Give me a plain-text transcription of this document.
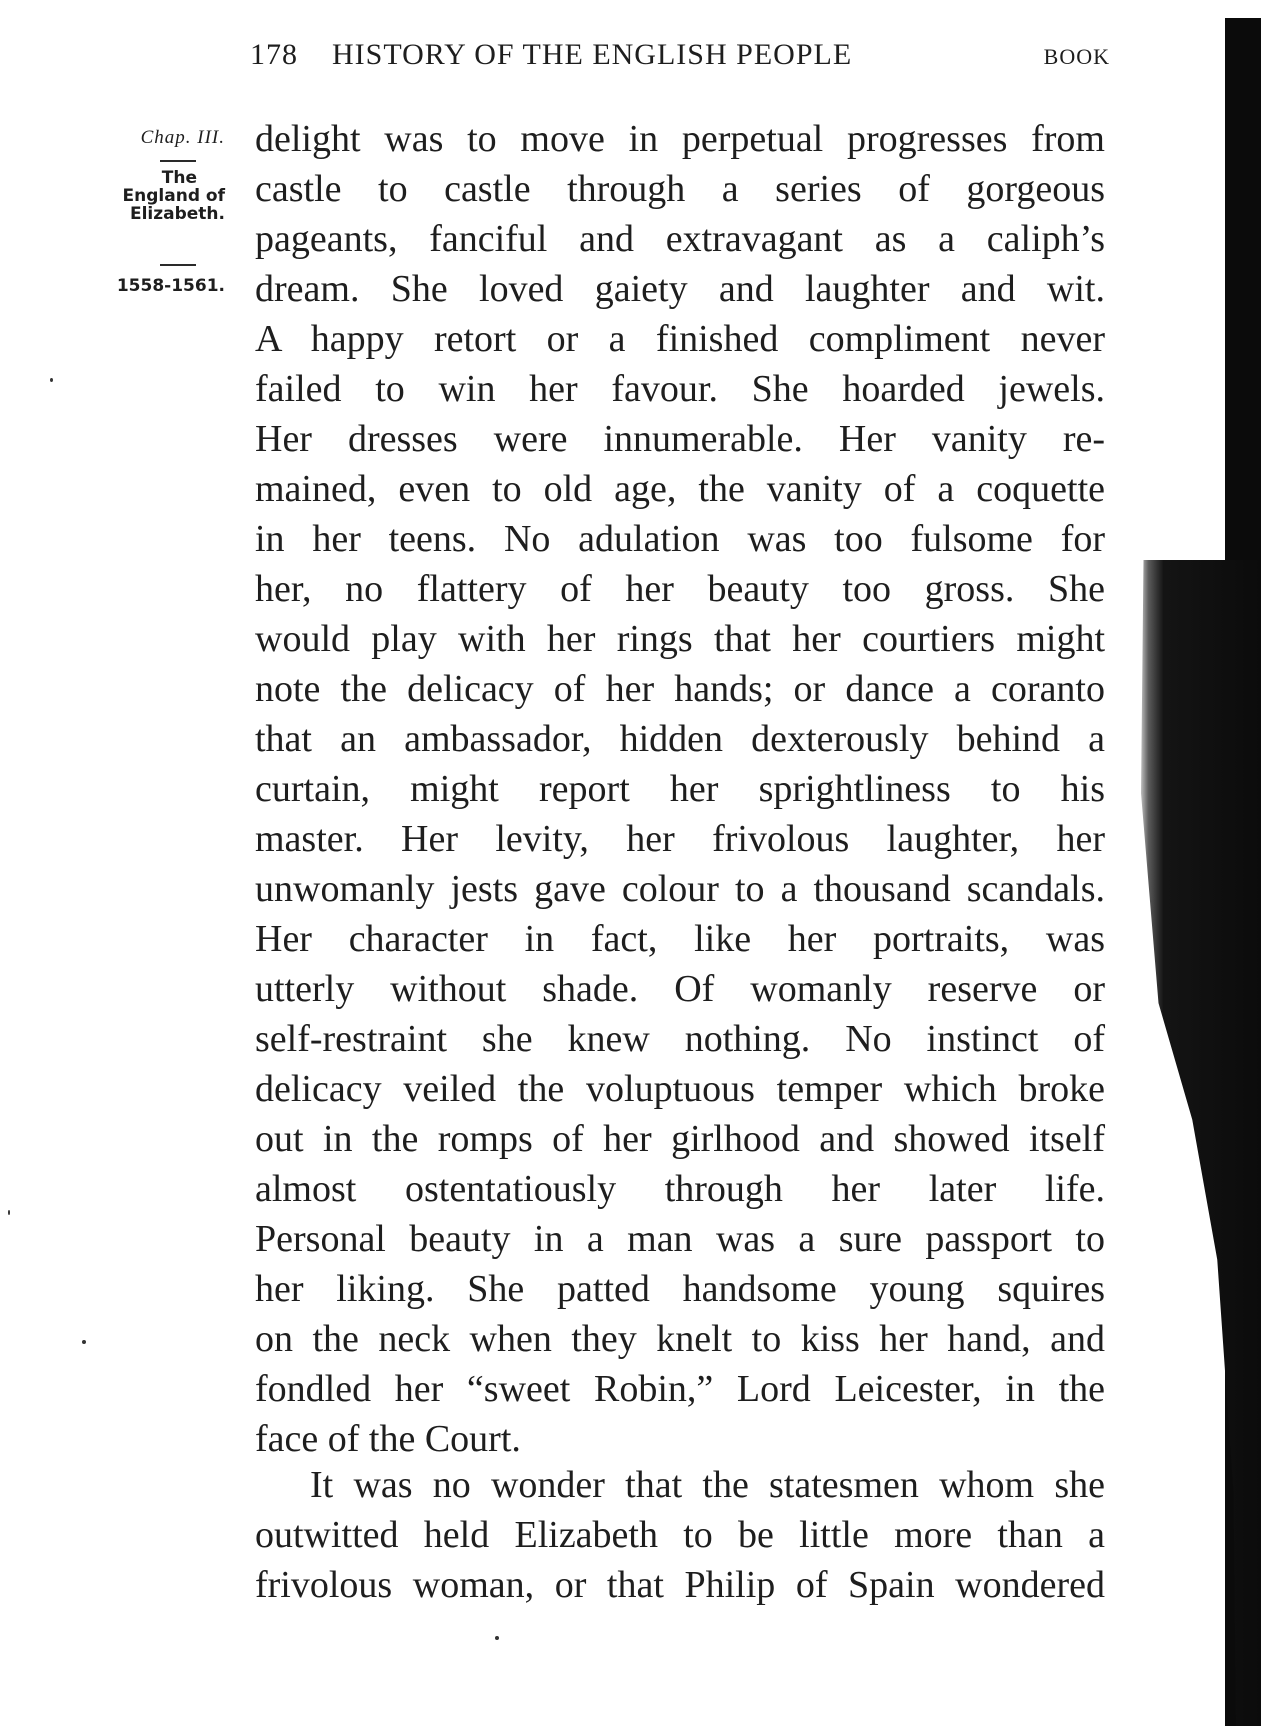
178 HISTORY OF THE ENGLISH PEOPLE	BOOK
Chap. III.
The
England of
Elizabeth.
1558-1561.
delight was to move in perpetual progresses from
castle to castle through a series of gorgeous
pageants, fanciful and extravagant as a caliph’s
dream. She loved gaiety and laughter and wit.
A happy retort or a finished compliment never
failed to win her favour. She hoarded jewels.
Her dresses were innumerable. Her vanity re-
mained, even to old age, the vanity of a coquette
in her teens. No adulation was too fulsome for
her, no flattery of her beauty too gross. She
would play with her rings that her courtiers might
note the delicacy of her hands; or dance a coranto
that an ambassador, hidden dexterously behind a
curtain, might report her sprightliness to his
master. Her levity, her frivolous laughter, her
unwomanly jests gave colour to a thousand scandals.
Her character in fact, like her portraits, was
utterly without shade. Of womanly reserve or
self-restraint she knew nothing. No instinct of
delicacy veiled the voluptuous temper which broke
out in the romps of her girlhood and showed itself
almost ostentatiously through her later life.
Personal beauty in a man was a sure passport to
her liking. She patted handsome young squires
on the neck when they knelt to kiss her hand, and
fondled her “sweet Robin,” Lord Leicester, in the
face of the Court.
It was no wonder that the statesmen whom she
outwitted held Elizabeth to be little more than a
frivolous woman, or that Philip of Spain wondered
